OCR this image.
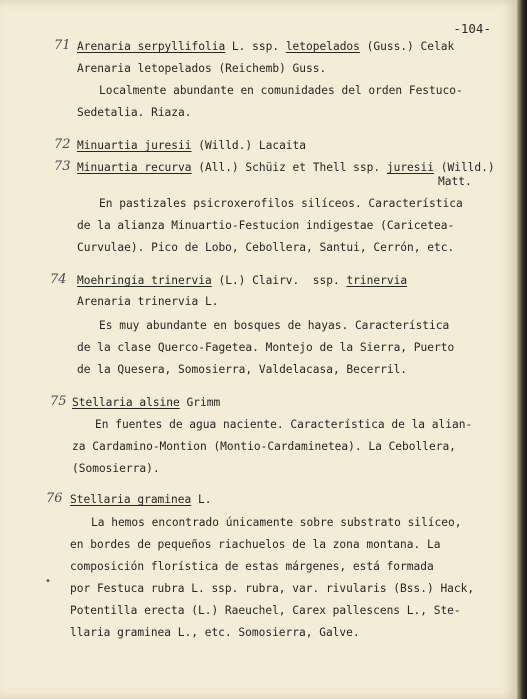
-104-
71 Arenaria serpyllifolia L. ssp. letopelados (Guss.) Celak
Arenaria letopelados (Reichemb) Guss.
Localmente abundante en comunidades del orden Festuco-
Sedetalia. Riaza.
72 Minuartia juresii (Willd.) Lacaita
73 Minuartia recurva (All.) Schüiz et Thell ssp. juresii (Willd.)
Matt.
En pastizales psicroxerofilos silíceos. Característica
de la alianza Minuartio-Festucion indigestae (Caricetea-
Curvulae). Pico de Lobo, Cebollera, Santui, Cerrón, etc.
74 Moehringia trinervia (L.) Clairv.  ssp. trinervia
Arenaria trinervia L.
Es muy abundante en bosques de hayas. Característica
de la clase Querco-Fagetea. Montejo de la Sierra, Puerto
de la Quesera, Somosierra, Valdelacasa, Becerril.
75 Stellaria alsine Grimm
En fuentes de agua naciente. Característica de la alian-
za Cardamino-Montion (Montio-Cardaminetea). La Cebollera,
(Somosierra).
76 Stellaria graminea L.
La hemos encontrado únicamente sobre substrato silíceo,
en bordes de pequeños riachuelos de la zona montana. La
composición florística de estas márgenes, está formada
por Festuca rubra L. ssp. rubra, var. rivularis (Bss.) Hack,
Potentilla erecta (L.) Raeuchel, Carex pallescens L., Ste-
llaria graminea L., etc. Somosierra, Galve.
•
